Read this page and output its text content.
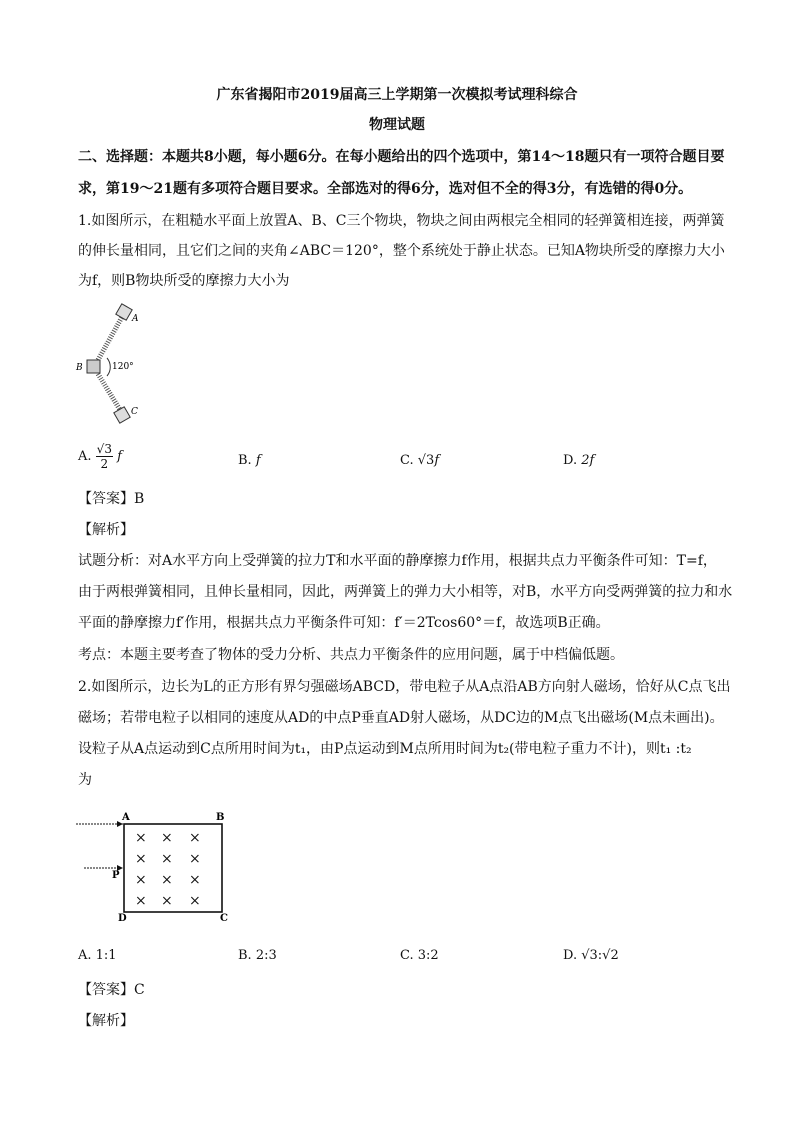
广东省揭阳市2019届高三上学期第一次模拟考试理科综合
物理试题
二、选择题：本题共8小题，每小题6分。在每小题给出的四个选项中，第14～18题只有一项符合题目要
求，第19～21题有多项符合题目要求。全部选对的得6分，选对但不全的得3分，有选错的得0分。
1.如图所示，在粗糙水平面上放置A、B、C三个物块，物块之间由两根完全相同的轻弹簧相连接，两弹簧
的伸长量相同，且它们之间的夹角∠ABC＝120°，整个系统处于静止状态。已知A物块所受的摩擦力大小
为f，则B物块所受的摩擦力大小为
A
B
C
120°
A. $\frac{√3}{2}$ f	B. f	C. √3f	D. 2f
【答案】B
【解析】
试题分析：对A水平方向上受弹簧的拉力T和水平面的静摩擦力f作用，根据共点力平衡条件可知：T=f，
由于两根弹簧相同，且伸长量相同，因此，两弹簧上的弹力大小相等，对B，水平方向受两弹簧的拉力和水
平面的静摩擦力f′作用，根据共点力平衡条件可知：f′＝2Tcos60°＝f，故选项B正确。
考点：本题主要考查了物体的受力分析、共点力平衡条件的应用问题，属于中档偏低题。
2.如图所示，边长为L的正方形有界匀强磁场ABCD，带电粒子从A点沿AB方向射人磁场，恰好从C点飞出
磁场；若带电粒子以相同的速度从AD的中点P垂直AD射人磁场，从DC边的M点飞出磁场(M点未画出)。
设粒子从A点运动到C点所用时间为t₁，由P点运动到M点所用时间为t₂(带电粒子重力不计)，则t₁ :t₂
为
× × ×
× × ×
× × ×
× × ×
A	B
C
D
P
A. 1:1	B. 2:3	C. 3:2	D. √3:√2
【答案】C
【解析】
